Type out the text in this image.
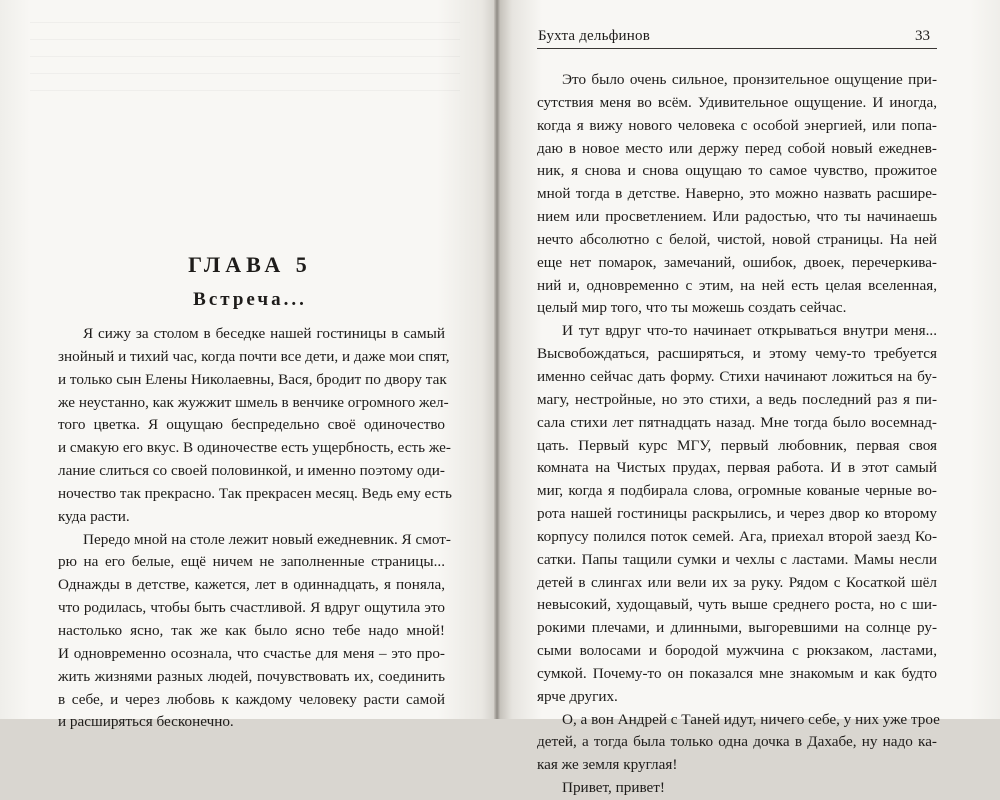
ГЛАВА 5
Встреча...
Я сижу за столом в беседке нашей гостиницы в самый
знойный и тихий час, когда почти все дети, и даже мои спят,
и только сын Елены Николаевны, Вася, бродит по двору так
же неустанно, как жужжит шмель в венчике огромного жел-
того цветка. Я ощущаю беспредельно своё одиночество
и смакую его вкус. В одиночестве есть ущербность, есть же-
лание слиться со своей половинкой, и именно поэтому оди-
ночество так прекрасно. Так прекрасен месяц. Ведь ему есть
куда расти.
Передо мной на столе лежит новый ежедневник. Я смот-
рю на его белые, ещё ничем не заполненные страницы...
Однажды в детстве, кажется, лет в одиннадцать, я поняла,
что родилась, чтобы быть счастливой. Я вдруг ощутила это
настолько ясно, так же как было ясно тебе надо мной!
И одновременно осознала, что счастье для меня – это про-
жить жизнями разных людей, почувствовать их, соединить
в себе, и через любовь к каждому человеку расти самой
и расширяться бесконечно.
Бухта дельфинов	33
Это было очень сильное, пронзительное ощущение при-
сутствия меня во всём. Удивительное ощущение. И иногда,
когда я вижу нового человека с особой энергией, или попа-
даю в новое место или держу перед собой новый ежеднев-
ник, я снова и снова ощущаю то самое чувство, прожитое
мной тогда в детстве. Наверно, это можно назвать расшире-
нием или просветлением. Или радостью, что ты начинаешь
нечто абсолютно с белой, чистой, новой страницы. На ней
еще нет помарок, замечаний, ошибок, двоек, перечеркива-
ний и, одновременно с этим, на ней есть целая вселенная,
целый мир того, что ты можешь создать сейчас.
И тут вдруг что-то начинает открываться внутри меня...
Высвобождаться, расширяться, и этому чему-то требуется
именно сейчас дать форму. Стихи начинают ложиться на бу-
магу, нестройные, но это стихи, а ведь последний раз я пи-
сала стихи лет пятнадцать назад. Мне тогда было восемнад-
цать. Первый курс МГУ, первый любовник, первая своя
комната на Чистых прудах, первая работа. И в этот самый
миг, когда я подбирала слова, огромные кованые черные во-
рота нашей гостиницы раскрылись, и через двор ко второму
корпусу полился поток семей. Ага, приехал второй заезд Ко-
сатки. Папы тащили сумки и чехлы с ластами. Мамы несли
детей в слингах или вели их за руку. Рядом с Косаткой шёл
невысокий, худощавый, чуть выше среднего роста, но с ши-
рокими плечами, и длинными, выгоревшими на солнце ру-
сыми волосами и бородой мужчина с рюкзаком, ластами,
сумкой. Почему-то он показался мне знакомым и как будто
ярче других.
О, а вон Андрей с Таней идут, ничего себе, у них уже трое
детей, а тогда была только одна дочка в Дахабе, ну надо ка-
кая же земля круглая!
Привет, привет!
